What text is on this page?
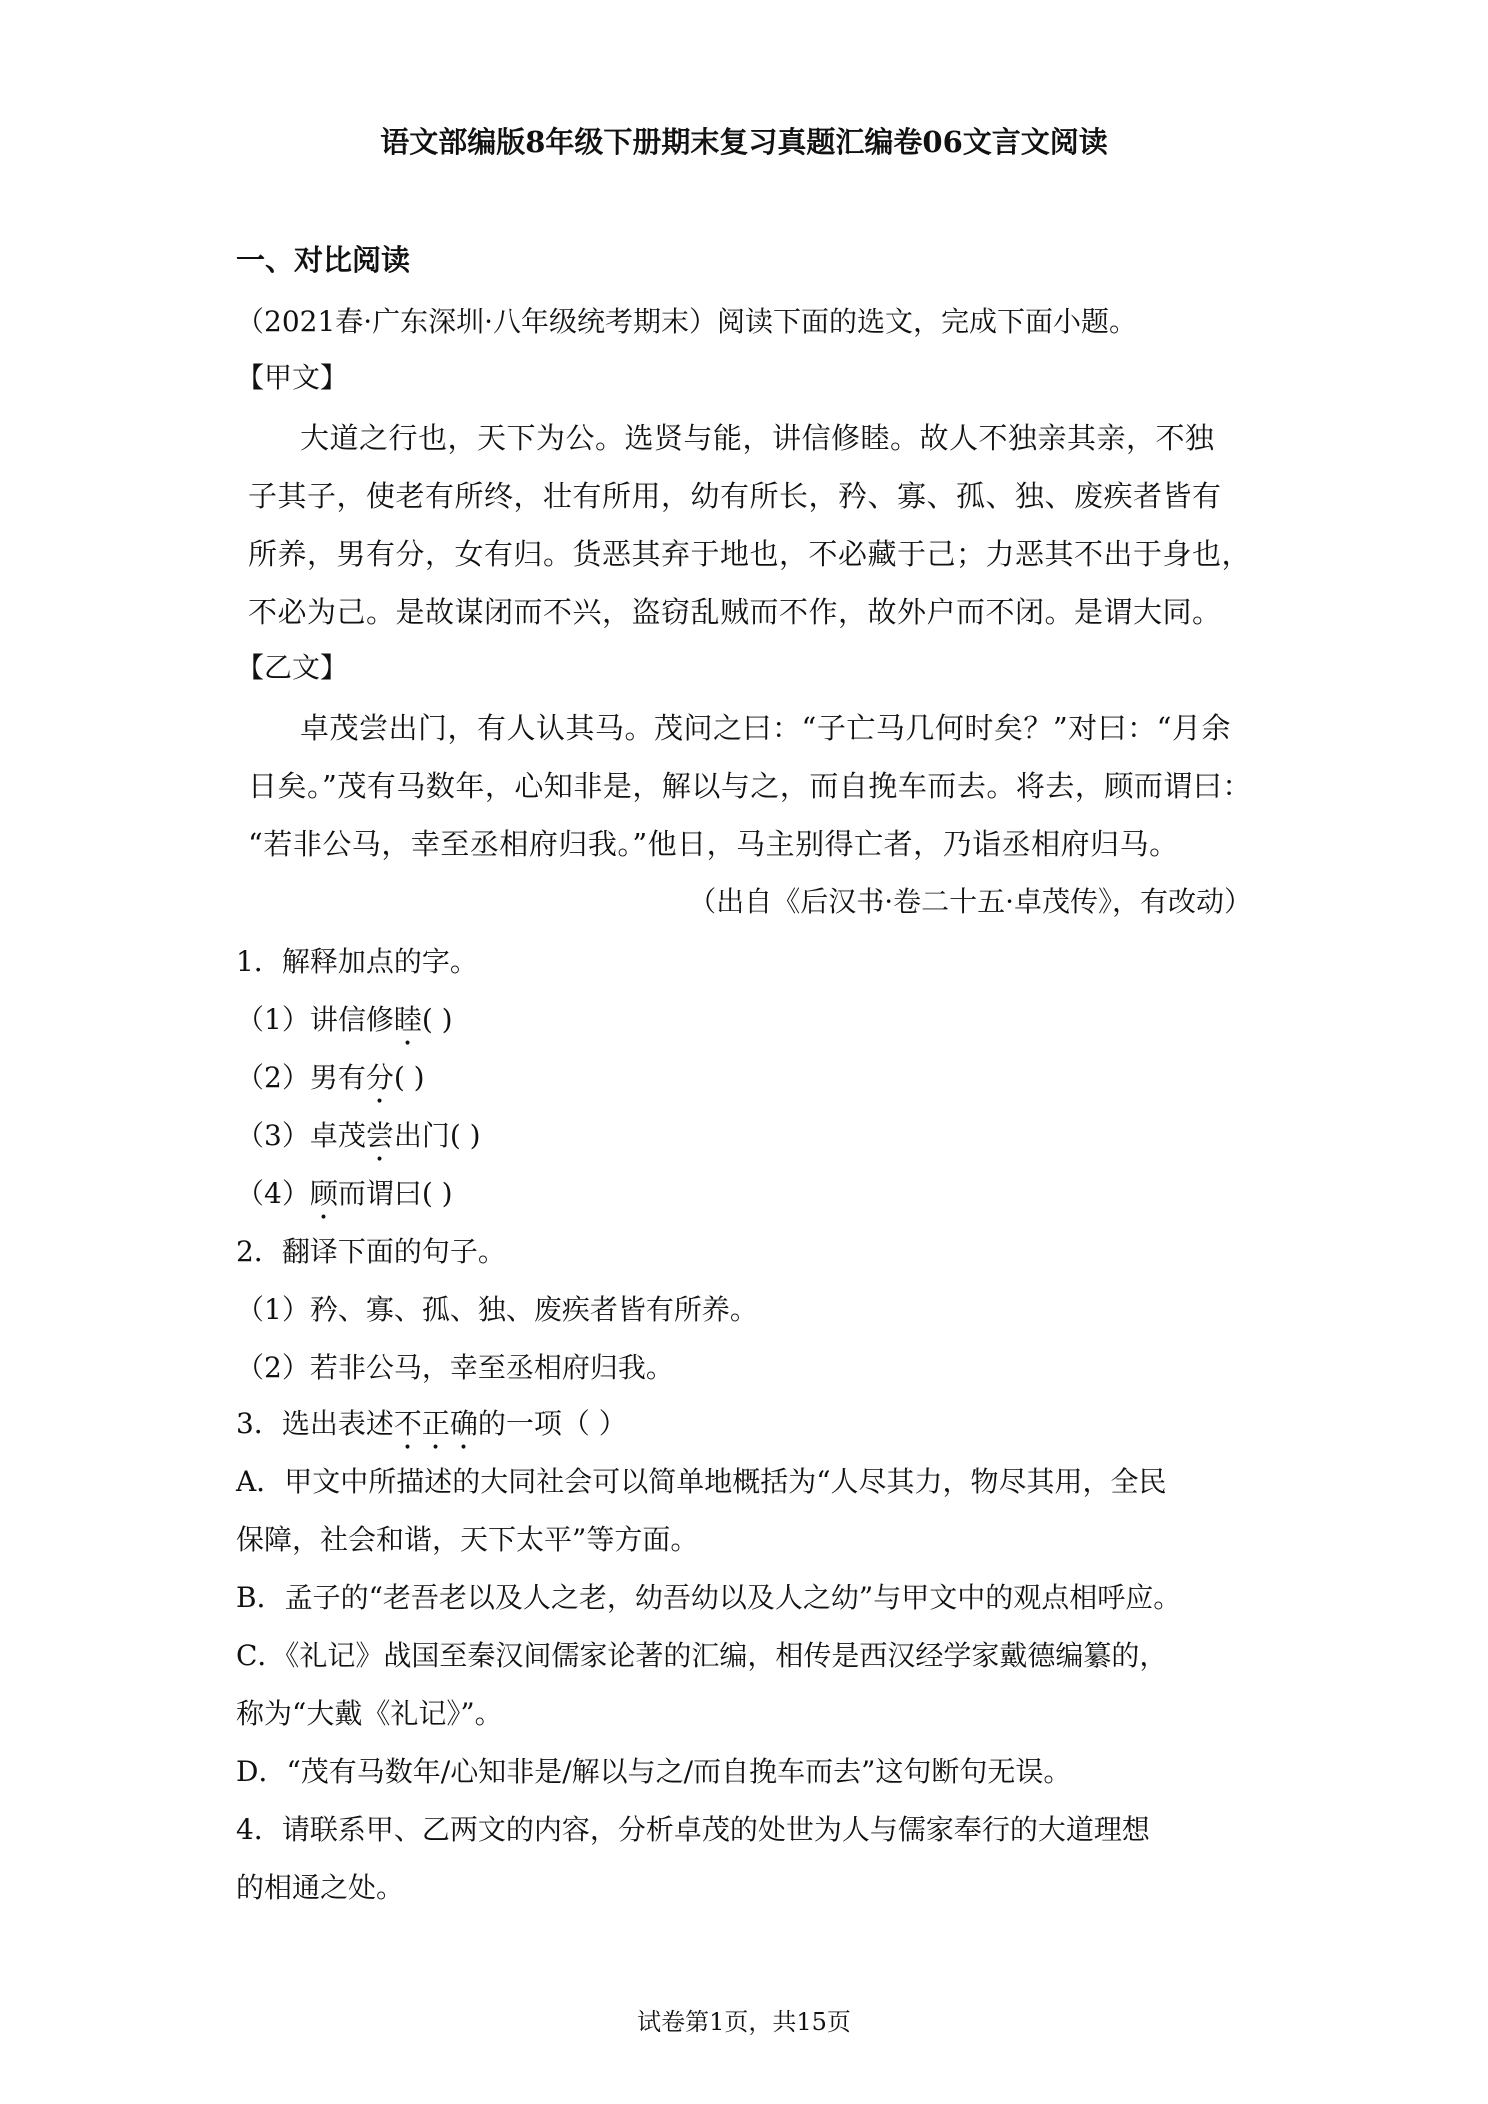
语文部编版8年级下册期末复习真题汇编卷06文言文阅读
一、对比阅读
（2021春·广东深圳·八年级统考期末）阅读下面的选文，完成下面小题。
【甲文】
大道之行也，天下为公。选贤与能，讲信修睦。故人不独亲其亲，不独
子其子，使老有所终，壮有所用，幼有所长，矜、寡、孤、独、废疾者皆有
所养，男有分，女有归。货恶其弃于地也，不必藏于己；力恶其不出于身也，
不必为己。是故谋闭而不兴，盗窃乱贼而不作，故外户而不闭。是谓大同。
【乙文】
卓茂尝出门，有人认其马。茂问之曰：“子亡马几何时矣？”对曰：“月余
日矣。”茂有马数年，心知非是，解以与之，而自挽车而去。将去，顾而谓曰：
“若非公马，幸至丞相府归我。”他日，马主别得亡者，乃诣丞相府归马。
（出自《后汉书·卷二十五·卓茂传》，有改动）
1．解释加点的字。
（1）讲信修睦( )
（2）男有分( )
（3）卓茂尝出门( )
（4）顾而谓曰( )
2．翻译下面的句子。
（1）矜、寡、孤、独、废疾者皆有所养。
（2）若非公马，幸至丞相府归我。
3．选出表述不正确的一项（ ）
A．甲文中所描述的大同社会可以简单地概括为“人尽其力，物尽其用，全民
保障，社会和谐，天下太平”等方面。
B．孟子的“老吾老以及人之老，幼吾幼以及人之幼”与甲文中的观点相呼应。
C．《礼记》战国至秦汉间儒家论著的汇编，相传是西汉经学家戴德编纂的，
称为“大戴《礼记》”。
D．“茂有马数年/心知非是/解以与之/而自挽车而去”这句断句无误。
4．请联系甲、乙两文的内容，分析卓茂的处世为人与儒家奉行的大道理想
的相通之处。
试卷第1页，共15页
